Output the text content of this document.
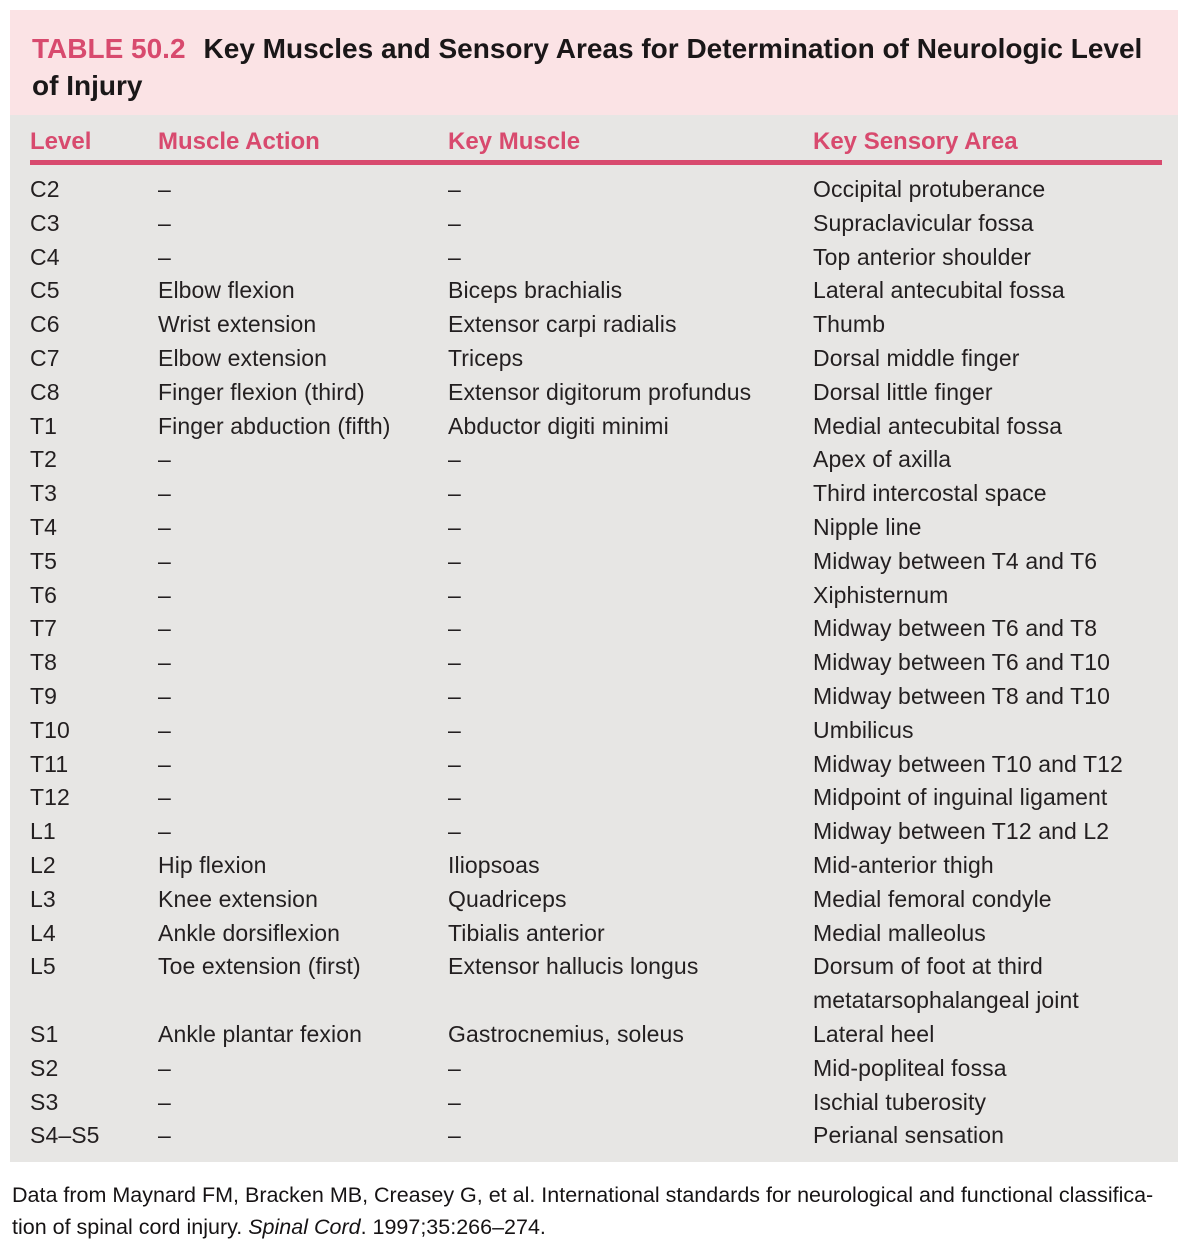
TABLE 50.2 Key Muscles and Sensory Areas for Determination of Neurologic Level of Injury
Level	Muscle Action	Key Muscle	Key Sensory Area
C2	–	–	Occipital protuberance
C3	–	–	Supraclavicular fossa
C4	–	–	Top anterior shoulder
C5	Elbow flexion	Biceps brachialis	Lateral antecubital fossa
C6	Wrist extension	Extensor carpi radialis	Thumb
C7	Elbow extension	Triceps	Dorsal middle finger
C8	Finger flexion (third)	Extensor digitorum profundus	Dorsal little finger
T1	Finger abduction (fifth)	Abductor digiti minimi	Medial antecubital fossa
T2	–	–	Apex of axilla
T3	–	–	Third intercostal space
T4	–	–	Nipple line
T5	–	–	Midway between T4 and T6
T6	–	–	Xiphisternum
T7	–	–	Midway between T6 and T8
T8	–	–	Midway between T6 and T10
T9	–	–	Midway between T8 and T10
T10	–	–	Umbilicus
T11	–	–	Midway between T10 and T12
T12	–	–	Midpoint of inguinal ligament
L1	–	–	Midway between T12 and L2
L2	Hip flexion	Iliopsoas	Mid-anterior thigh
L3	Knee extension	Quadriceps	Medial femoral condyle
L4	Ankle dorsiflexion	Tibialis anterior	Medial malleolus
L5	Toe extension (first)	Extensor hallucis longus	Dorsum of foot at third metatarsophalangeal joint
S1	Ankle plantar fexion	Gastrocnemius, soleus	Lateral heel
S2	–	–	Mid-popliteal fossa
S3	–	–	Ischial tuberosity
S4–S5	–	–	Perianal sensation
Data from Maynard FM, Bracken MB, Creasey G, et al. International standards for neurological and functional classifica-
tion of spinal cord injury. Spinal Cord. 1997;35:266–274.
